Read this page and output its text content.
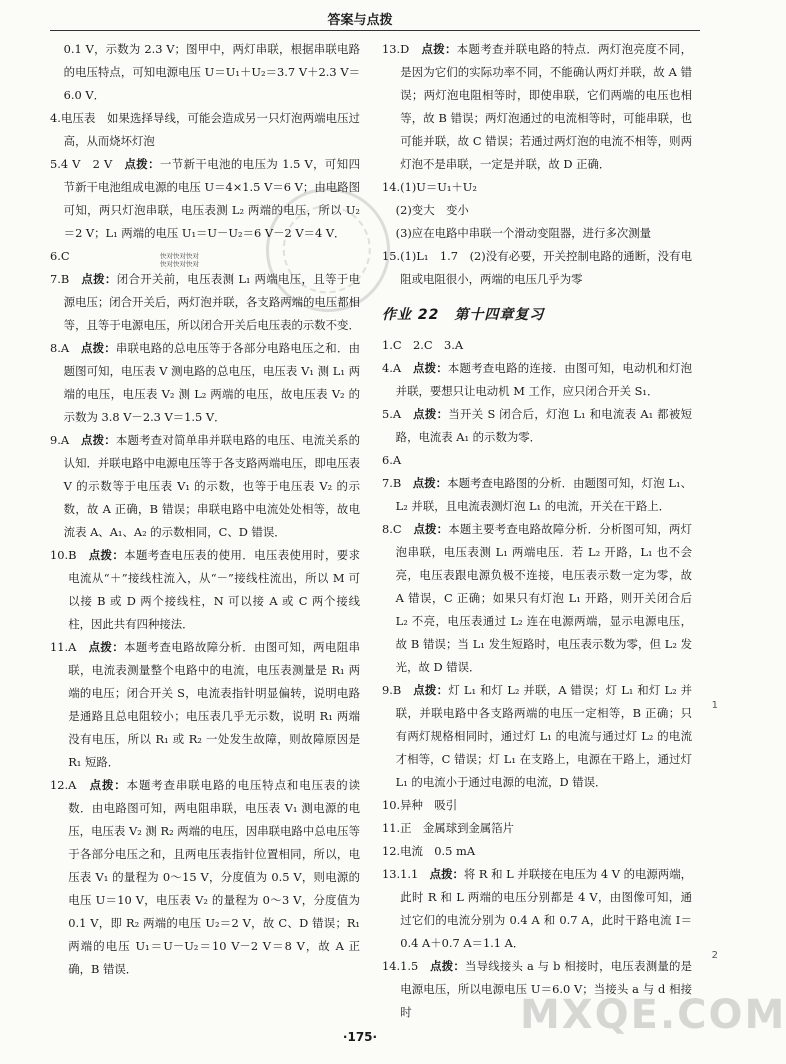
答案与点拨
快对快对快对
快对快对快对

0.1 V，示数为 2.3 V；图甲中，两灯串联，根据串联电路的电压特点，可知电源电压 U＝U₁＋U₂＝3.7 V＋2.3 V＝6.0 V．

4.电压表　如果选择导线，可能会造成另一只灯泡两端电压过高，从而烧坏灯泡

5.4 V　2 V　点拨：一节新干电池的电压为 1.5 V，可知四节新干电池组成电源的电压 U＝4×1.5 V＝6 V；由电路图可知，两只灯泡串联，电压表测 L₂ 两端的电压，所以 U₂＝2 V；L₁ 两端的电压 U₁＝U－U₂＝6 V－2 V＝4 V．

6.C

7.B　点拨：闭合开关前，电压表测 L₁ 两端电压，且等于电源电压；闭合开关后，两灯泡并联，各支路两端的电压都相等，且等于电源电压，所以闭合开关后电压表的示数不变．

8.A　点拨：串联电路的总电压等于各部分电路电压之和．由题图可知，电压表 V 测电路的总电压，电压表 V₁ 测 L₁ 两端的电压，电压表 V₂ 测 L₂ 两端的电压，故电压表 V₂ 的示数为 3.8 V－2.3 V＝1.5 V．

9.A　点拨：本题考查对简单串并联电路的电压、电流关系的认知．并联电路中电源电压等于各支路两端电压，即电压表 V 的示数等于电压表 V₁ 的示数，也等于电压表 V₂ 的示数，故 A 正确，B 错误；串联电路中电流处处相等，故电流表 A、A₁、A₂ 的示数相同，C、D 错误．

10.B　点拨：本题考查电压表的使用．电压表使用时，要求电流从“＋”接线柱流入，从“－”接线柱流出，所以 M 可以接 B 或 D 两个接线柱，N 可以接 A 或 C 两个接线柱，因此共有四种接法．

11.A　点拨：本题考查电路故障分析．由图可知，两电阻串联，电流表测量整个电路中的电流，电压表测量是 R₁ 两端的电压；闭合开关 S，电流表指针明显偏转，说明电路是通路且总电阻较小；电压表几乎无示数，说明 R₁ 两端没有电压，所以 R₁ 或 R₂ 一处发生故障，则故障原因是 R₁ 短路．

12.A　点拨：本题考查串联电路的电压特点和电压表的读数．由电路图可知，两电阻串联，电压表 V₁ 测电源的电压，电压表 V₂ 测 R₂ 两端的电压，因串联电路中总电压等于各部分电压之和，且两电压表指针位置相同，所以，电压表 V₁ 的量程为 0～15 V，分度值为 0.5 V，则电源的电压 U＝10 V，电压表 V₂ 的量程为 0～3 V，分度值为 0.1 V，即 R₂ 两端的电压 U₂＝2 V，故 C、D 错误；R₁ 两端的电压 U₁＝U－U₂＝10 V－2 V＝8 V，故 A 正确，B 错误．

13.D　点拨：本题考查并联电路的特点．两灯泡亮度不同，是因为它们的实际功率不同，不能确认两灯并联，故 A 错误；两灯泡电阻相等时，即使串联，它们两端的电压也相等，故 B 错误；两灯泡通过的电流相等时，可能串联，也可能并联，故 C 错误；若通过两灯泡的电流不相等，则两灯泡不是串联，一定是并联，故 D 正确．

14.(1)U＝U₁＋U₂

(2)变大　变小

(3)应在电路中串联一个滑动变阻器，进行多次测量

15.(1)L₁　1.7　(2)没有必要，开关控制电路的通断，没有电阻或电阻很小，两端的电压几乎为零

作业 22　第十四章复习

1.C　2.C　3.A

4.A　点拨：本题考查电路的连接．由图可知，电动机和灯泡并联，要想只让电动机 M 工作，应只闭合开关 S₁．

5.A　点拨：当开关 S 闭合后，灯泡 L₁ 和电流表 A₁ 都被短路，电流表 A₁ 的示数为零．

6.A

7.B　点拨：本题考查电路图的分析．由题图可知，灯泡 L₁、L₂ 并联，且电流表测灯泡 L₁ 的电流，开关在干路上．

8.C　点拨：本题主要考查电路故障分析．分析图可知，两灯泡串联，电压表测 L₁ 两端电压．若 L₂ 开路，L₁ 也不会亮，电压表跟电源负极不连接，电压表示数一定为零，故 A 错误，C 正确；如果只有灯泡 L₁ 开路，则开关闭合后 L₂ 不亮，电压表通过 L₂ 连在电源两端，显示电源电压，故 B 错误；当 L₁ 发生短路时，电压表示数为零，但 L₂ 发光，故 D 错误．

9.B　点拨：灯 L₁ 和灯 L₂ 并联，A 错误；灯 L₁ 和灯 L₂ 并联，并联电路中各支路两端的电压一定相等，B 正确；只有两灯规格相同时，通过灯 L₁ 的电流与通过灯 L₂ 的电流才相等，C 错误；灯 L₁ 在支路上，电源在干路上，通过灯 L₁ 的电流小于通过电源的电流，D 错误．

10.异种　吸引

11.正　金属球到金属箔片

12.电流　0.5 mA

13.1.1　点拨：将 R 和 L 并联接在电压为 4 V 的电源两端，此时 R 和 L 两端的电压分别都是 4 V，由图像可知，通过它们的电流分别为 0.4 A 和 0.7 A，此时干路电流 I＝0.4 A＋0.7 A＝1.1 A．

14.1.5　点拨：当导线接头 a 与 b 相接时，电压表测量的是电源电压，所以电源电压 U＝6.0 V；当接头 a 与 d 相接时	MXQE.COM
1
2
·175·
